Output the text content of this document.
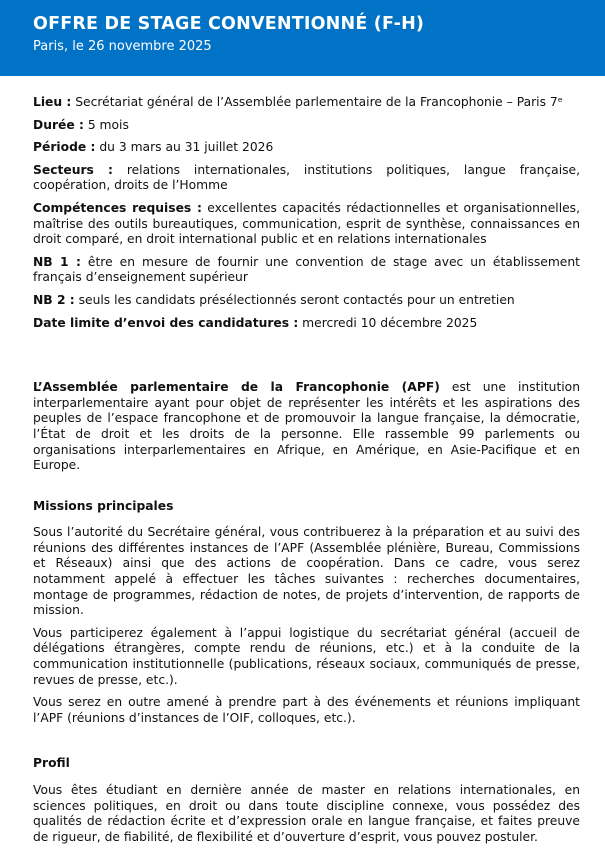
OFFRE DE STAGE CONVENTIONNÉ (F-H)
Paris, le 26 novembre 2025
Lieu : Secrétariat général de l’Assemblée parlementaire de la Francophonie – Paris 7ᵉ
Durée : 5 mois
Période : du 3 mars au 31 juillet 2026
Secteurs : relations internationales, institutions politiques, langue française, coopération, droits de l’Homme
Compétences requises : excellentes capacités rédactionnelles et organisationnelles, maîtrise des outils bureautiques, communication, esprit de synthèse, connaissances en droit comparé, en droit international public et en relations internationales
NB 1 : être en mesure de fournir une convention de stage avec un établissement français d’enseignement supérieur
NB 2 : seuls les candidats présélectionnés seront contactés pour un entretien
Date limite d’envoi des candidatures : mercredi 10 décembre 2025
L’Assemblée parlementaire de la Francophonie (APF) est une institution interparlementaire ayant pour objet de représenter les intérêts et les aspirations des peuples de l’espace francophone et de promouvoir la langue française, la démocratie, l’État de droit et les droits de la personne. Elle rassemble 99 parlements ou organisations interparlementaires en Afrique, en Amérique, en Asie-Pacifique et en Europe.
Missions principales
Sous l’autorité du Secrétaire général, vous contribuerez à la préparation et au suivi des réunions des différentes instances de l’APF (Assemblée plénière, Bureau, Commissions et Réseaux) ainsi que des actions de coopération. Dans ce cadre, vous serez notamment appelé à effectuer les tâches suivantes : recherches documentaires, montage de programmes, rédaction de notes, de projets d’intervention, de rapports de mission.
Vous participerez également à l’appui logistique du secrétariat général (accueil de délégations étrangères, compte rendu de réunions, etc.) et à la conduite de la communication institutionnelle (publications, réseaux sociaux, communiqués de presse, revues de presse, etc.).
Vous serez en outre amené à prendre part à des événements et réunions impliquant l’APF (réunions d’instances de l’OIF, colloques, etc.).
Profil
Vous êtes étudiant en dernière année de master en relations internationales, en sciences politiques, en droit ou dans toute discipline connexe, vous possédez des qualités de rédaction écrite et d’expression orale en langue française, et faites preuve de rigueur, de fiabilité, de flexibilité et d’ouverture d’esprit, vous pouvez postuler.
